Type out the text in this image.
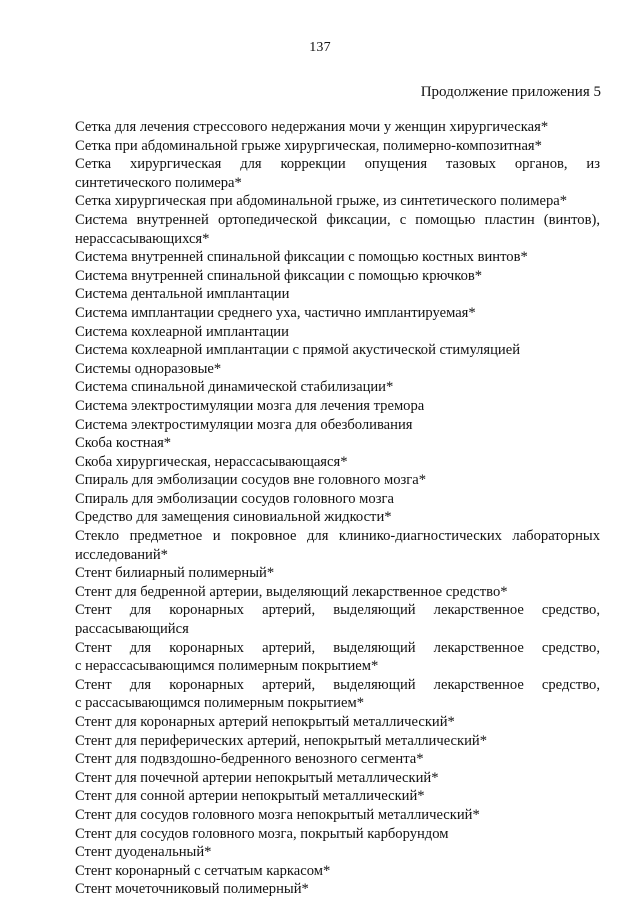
137
Продолжение приложения 5
Сетка для лечения стрессового недержания мочи у женщин хирургическая*
Сетка при абдоминальной грыже хирургическая, полимерно-композитная*
Сетка хирургическая для коррекции опущения тазовых органов, из
синтетического полимера*
Сетка хирургическая при абдоминальной грыже, из синтетического полимера*
Система внутренней ортопедической фиксации, с помощью пластин (винтов),
нерассасывающихся*
Система внутренней спинальной фиксации с помощью костных винтов*
Система внутренней спинальной фиксации с помощью крючков*
Система дентальной имплантации
Система имплантации среднего уха, частично имплантируемая*
Система кохлеарной имплантации
Система кохлеарной имплантации с прямой акустической стимуляцией
Системы одноразовые*
Система спинальной динамической стабилизации*
Система электростимуляции мозга для лечения тремора
Система электростимуляции мозга для обезболивания
Скоба костная*
Скоба хирургическая, нерассасывающаяся*
Спираль для эмболизации сосудов вне головного мозга*
Спираль для эмболизации сосудов головного мозга
Средство для замещения синовиальной жидкости*
Стекло предметное и покровное для клинико-диагностических лабораторных
исследований*
Стент билиарный полимерный*
Стент для бедренной артерии, выделяющий лекарственное средство*
Стент для коронарных артерий, выделяющий лекарственное средство,
рассасывающийся
Стент для коронарных артерий, выделяющий лекарственное средство,
с нерассасывающимся полимерным покрытием*
Стент для коронарных артерий, выделяющий лекарственное средство,
с рассасывающимся полимерным покрытием*
Стент для коронарных артерий непокрытый металлический*
Стент для периферических артерий, непокрытый металлический*
Стент для подвздошно-бедренного венозного сегмента*
Стент для почечной артерии непокрытый металлический*
Стент для сонной артерии непокрытый металлический*
Стент для сосудов головного мозга непокрытый металлический*
Стент для сосудов головного мозга, покрытый карборундом
Стент дуоденальный*
Стент коронарный с сетчатым каркасом*
Стент мочеточниковый полимерный*
